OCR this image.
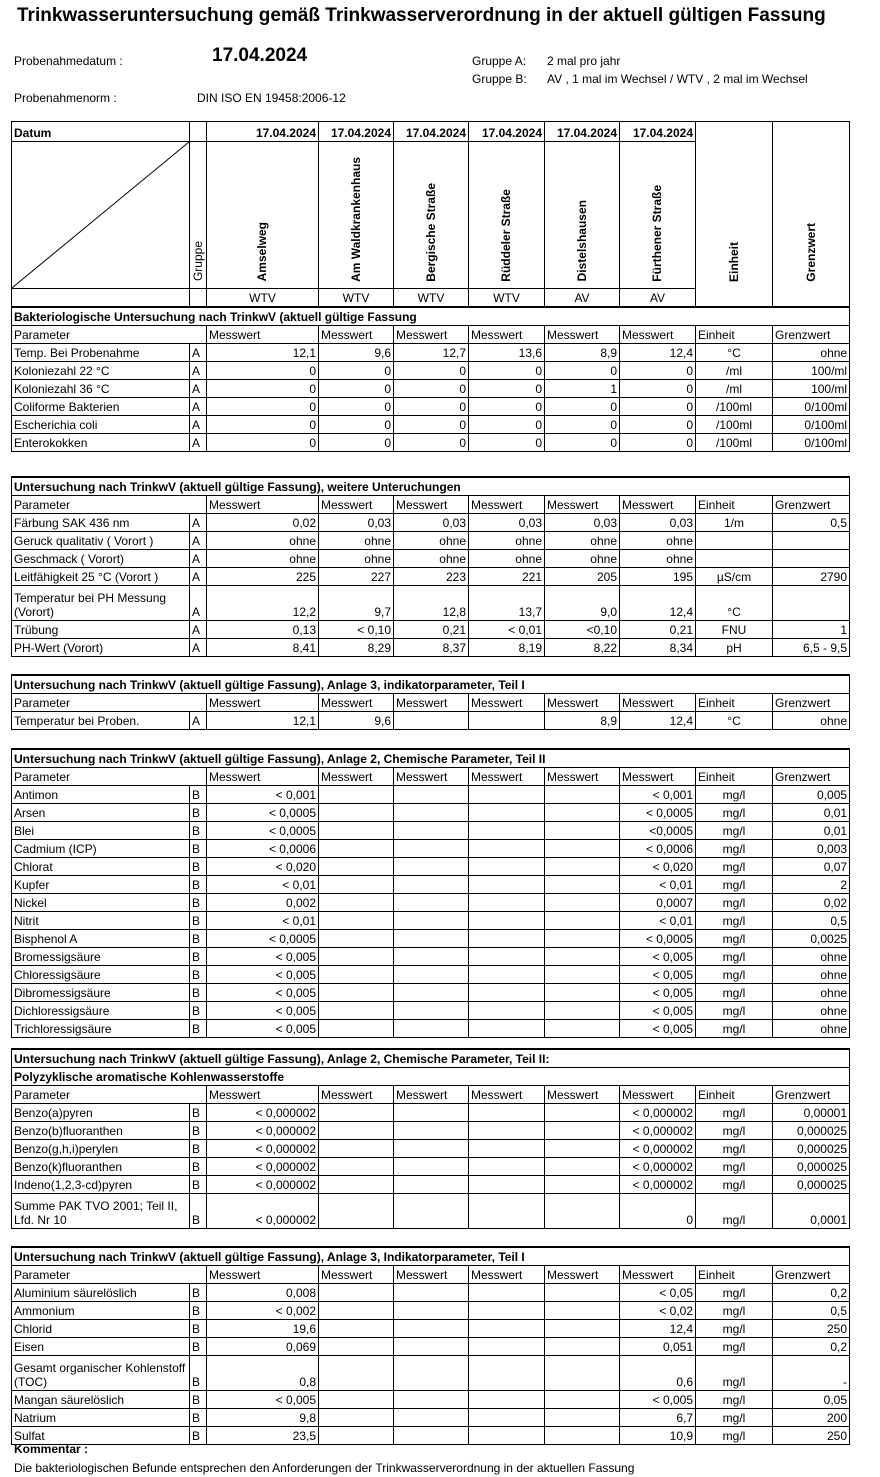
Trinkwasseruntersuchung gemäß Trinkwasserverordnung in der aktuell gültigen Fassung
Probenahmedatum :	17.04.2024
Probenahmenorm :	DIN ISO EN 19458:2006-12
Gruppe A: 2 mal pro jahr
Gruppe B: AV , 1 mal im Wechsel / WTV , 2 mal im Wechsel
Datum		17.04.2024	17.04.2024	17.04.2024	17.04.2024	17.04.2024	17.04.2024	Einheit	Grenzwert

	Gruppe	Amselweg	Am Waldkrankenhaus	Bergische Straße	Rüddeler Straße	Distelshausen	Fürthener Straße		
		WTV	WTV	WTV	WTV	AV	AV		
Kommentar :
Die bakteriologischen Befunde entsprechen den Anforderungen der Trinkwasserverordnung in der aktuellen Fassung
Bakteriologische Untersuchung nach TrinkwV (aktuell gültige Fassung									
Parameter		Messwert	Messwert	Messwert	Messwert	Messwert	Messwert	Einheit	Grenzwert
Temp. Bei Probenahme	A	12,1	9,6	12,7	13,6	8,9	12,4	°C	ohne
Koloniezahl 22 °C	A	0	0	0	0	0	0	/ml	100/ml
Koloniezahl 36 °C	A	0	0	0	0	1	0	/ml	100/ml
Coliforme Bakterien	A	0	0	0	0	0	0	/100ml	0/100ml
Escherichia coli	A	0	0	0	0	0	0	/100ml	0/100ml
Enterokokken	A	0	0	0	0	0	0	/100ml	0/100ml
Untersuchung nach TrinkwV (aktuell gültige Fassung), weitere Unteruchungen									
Parameter		Messwert	Messwert	Messwert	Messwert	Messwert	Messwert	Einheit	Grenzwert
Färbung SAK 436 nm	A	0,02	0,03	0,03	0,03	0,03	0,03	1/m	0,5
Geruck qualitativ ( Vorort )	A	ohne	ohne	ohne	ohne	ohne	ohne		
Geschmack ( Vorort)	A	ohne	ohne	ohne	ohne	ohne	ohne		
Leitfähigkeit 25 °C (Vorort )	A	225	227	223	221	205	195	µS/cm	2790
Temperatur bei PH Messung (Vorort)	A	12,2	9,7	12,8	13,7	9,0	12,4	°C	
Trübung	A	0,13	< 0,10	0,21	< 0,01	<0,10	0,21	FNU	1
PH-Wert (Vorort)	A	8,41	8,29	8,37	8,19	8,22	8,34	pH	6,5 - 9,5
Untersuchung nach TrinkwV (aktuell gültige Fassung), Anlage 3, indikatorparameter, Teil I									
Parameter		Messwert	Messwert	Messwert	Messwert	Messwert	Messwert	Einheit	Grenzwert
Temperatur bei Proben.	A	12,1	9,6			8,9	12,4	°C	ohne
Untersuchung nach TrinkwV (aktuell gültige Fassung), Anlage 2, Chemische Parameter, Teil II									
Parameter		Messwert	Messwert	Messwert	Messwert	Messwert	Messwert	Einheit	Grenzwert
Antimon	B	< 0,001					< 0,001	mg/l	0,005
Arsen	B	< 0,0005					< 0,0005	mg/l	0,01
Blei	B	< 0,0005					<0,0005	mg/l	0,01
Cadmium (ICP)	B	< 0,0006					< 0,0006	mg/l	0,003
Chlorat	B	< 0,020					< 0,020	mg/l	0,07
Kupfer	B	< 0,01					< 0,01	mg/l	2
Nickel	B	0,002					0,0007	mg/l	0,02
Nitrit	B	< 0,01					< 0,01	mg/l	0,5
Bisphenol A	B	< 0,0005					< 0,0005	mg/l	0,0025
Bromessigsäure	B	< 0,005					< 0,005	mg/l	ohne
Chloressigsäure	B	< 0,005					< 0,005	mg/l	ohne
Dibromessigsäure	B	< 0,005					< 0,005	mg/l	ohne
Dichloressigsäure	B	< 0,005					< 0,005	mg/l	ohne
Trichloressigsäure	B	< 0,005					< 0,005	mg/l	ohne
Untersuchung nach TrinkwV (aktuell gültige Fassung), Anlage 2, Chemische Parameter, Teil II:									
Polyzyklische aromatische Kohlenwasserstoffe									
Parameter		Messwert	Messwert	Messwert	Messwert	Messwert	Messwert	Einheit	Grenzwert
Benzo(a)pyren	B	< 0,000002					< 0,000002	mg/l	0,00001
Benzo(b)fluoranthen	B	< 0,000002					< 0,000002	mg/l	0,000025
Benzo(g,h,i)perylen	B	< 0,000002					< 0,000002	mg/l	0,000025
Benzo(k)fluoranthen	B	< 0,000002					< 0,000002	mg/l	0,000025
Indeno(1,2,3-cd)pyren	B	< 0,000002					< 0,000002	mg/l	0,000025
Summe PAK TVO 2001; Teil II, Lfd. Nr 10	B	< 0,000002					0	mg/l	0,0001
Untersuchung nach TrinkwV (aktuell gültige Fassung), Anlage 3, Indikatorparameter, Teil I									
Parameter		Messwert	Messwert	Messwert	Messwert	Messwert	Messwert	Einheit	Grenzwert
Aluminium säurelöslich	B	0,008					< 0,05	mg/l	0,2
Ammonium	B	< 0,002					< 0,02	mg/l	0,5
Chlorid	B	19,6					12,4	mg/l	250
Eisen	B	0,069					0,051	mg/l	0,2
Gesamt organischer Kohlenstoff (TOC)	B	0,8					0,6	mg/l	-
Mangan säurelöslich	B	< 0,005					< 0,005	mg/l	0,05
Natrium	B	9,8					6,7	mg/l	200
Sulfat	B	23,5					10,9	mg/l	250
